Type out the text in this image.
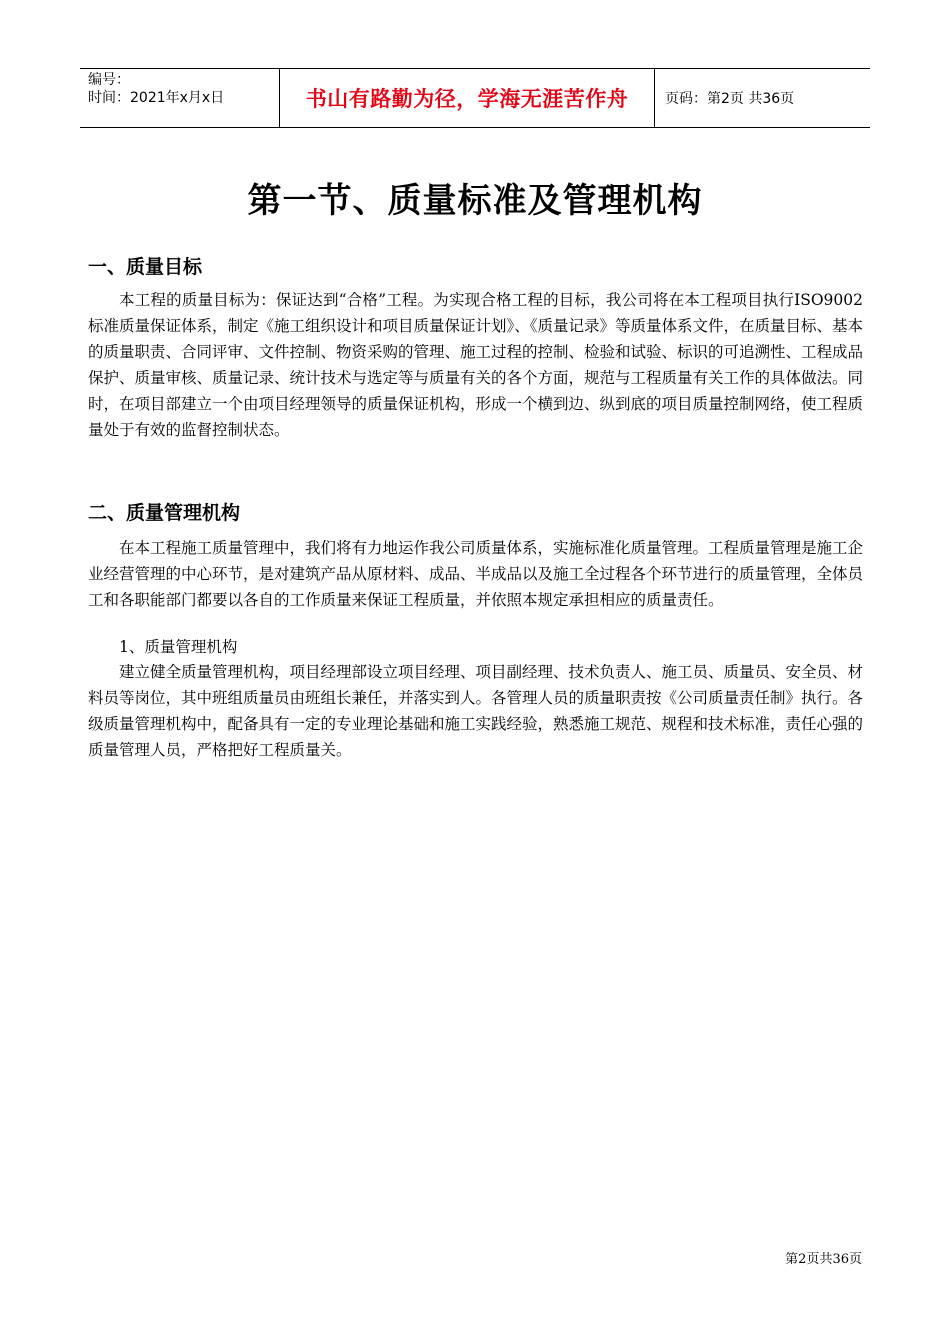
编号：
时间：2021年x月x日	书山有路勤为径，学海无涯苦作舟	页码：第2页 共36页
第一节、质量标准及管理机构
一、质量目标

本工程的质量目标为：保证达到“合格”工程。为实现合格工程的目标，我公司将在本工程项目执行ISO9002标准质量保证体系，制定《施工组织设计和项目质量保证计划》、《质量记录》等质量体系文件，在质量目标、基本的质量职责、合同评审、文件控制、物资采购的管理、施工过程的控制、检验和试验、标识的可追溯性、工程成品保护、质量审核、质量记录、统计技术与选定等与质量有关的各个方面，规范与工程质量有关工作的具体做法。同时，在项目部建立一个由项目经理领导的质量保证机构，形成一个横到边、纵到底的项目质量控制网络，使工程质量处于有效的监督控制状态。

二、质量管理机构

在本工程施工质量管理中，我们将有力地运作我公司质量体系，实施标准化质量管理。工程质量管理是施工企业经营管理的中心环节，是对建筑产品从原材料、成品、半成品以及施工全过程各个环节进行的质量管理，全体员工和各职能部门都要以各自的工作质量来保证工程质量，并依照本规定承担相应的质量责任。

1、质量管理机构

建立健全质量管理机构，项目经理部设立项目经理、项目副经理、技术负责人、施工员、质量员、安全员、材料员等岗位，其中班组质量员由班组长兼任，并落实到人。各管理人员的质量职责按《公司质量责任制》执行。各级质量管理机构中，配备具有一定的专业理论基础和施工实践经验，熟悉施工规范、规程和技术标准，责任心强的质量管理人员，严格把好工程质量关。

第2页共36页
